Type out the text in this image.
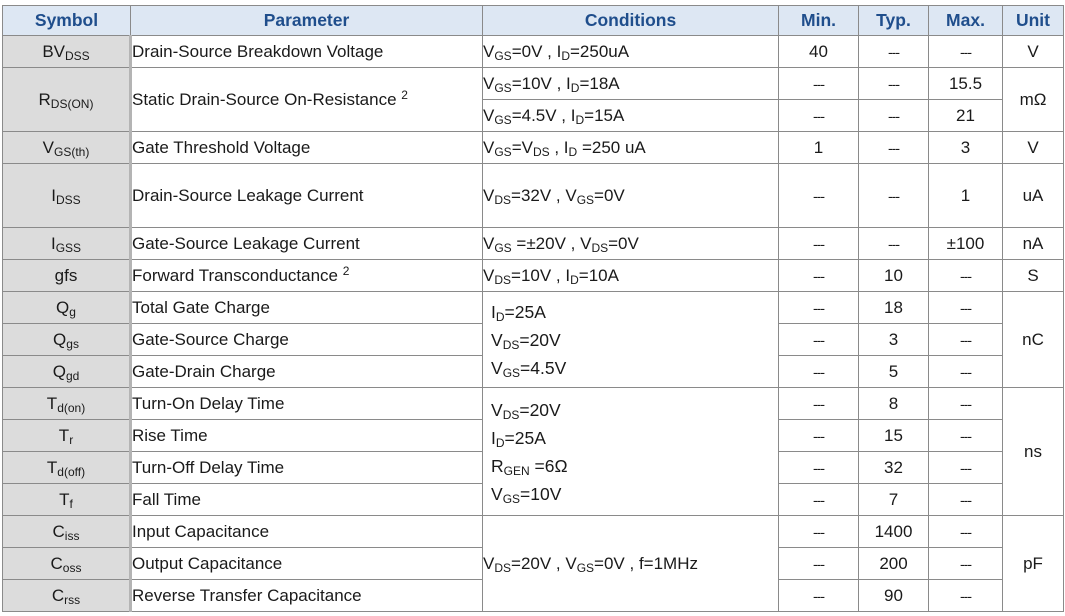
Symbol	Parameter	Conditions	Min.	Typ.	Max.	Unit
$BV_{DSS}$	Drain-Source Breakdown Voltage	$V_{GS}=0V$ , $I_D=250uA$	40	---	---	V
$R_{DS(ON)}$	Static Drain-Source On-Resistance $^2$	$V_{GS}=10V$ , $I_D=18A$	---	---	15.5	mΩ
		$V_{GS}=4.5V$ , $I_D=15A$	---	---	21	
$V_{GS(th)}$	Gate Threshold Voltage	$V_{GS}=V_{DS}$ , $I_D =250$ uA	1	---	3	V
$I_{DSS}$	Drain-Source Leakage Current	$V_{DS}=32V$ , $V_{GS}=0V$	---	---	1	uA
$I_{GSS}$	Gate-Source Leakage Current	$V_{GS} =\pm 20V$ , $V_{DS}=0V$	---	---	±100	nA
gfs	Forward Transconductance $^2$	$V_{DS}=10V$ , $I_D=10A$	---	10	---	S
$Q_g$	Total Gate Charge	$I_D=25A$
$V_{DS}=20V$
$V_{GS}=4.5V$	---	18	---	nC
$Q_{gs}$	Gate-Source Charge		---	3	---	
$Q_{gd}$	Gate-Drain Charge		---	5	---	
$T_{d(on)}$	Turn-On Delay Time	$V_{DS}=20V$
$I_D=25A$
$R_{GEN} =6\Omega$
$V_{GS}=10V$	---	8	---	ns
$T_r$	Rise Time		---	15	---	
$T_{d(off)}$	Turn-Off Delay Time		---	32	---	
$T_f$	Fall Time		---	7	---	
$C_{iss}$	Input Capacitance	$V_{DS}=20V$ , $V_{GS}=0V$ , f=1MHz	---	1400	---	pF
$C_{oss}$	Output Capacitance		---	200	---	
$C_{rss}$	Reverse Transfer Capacitance		---	90	---	
